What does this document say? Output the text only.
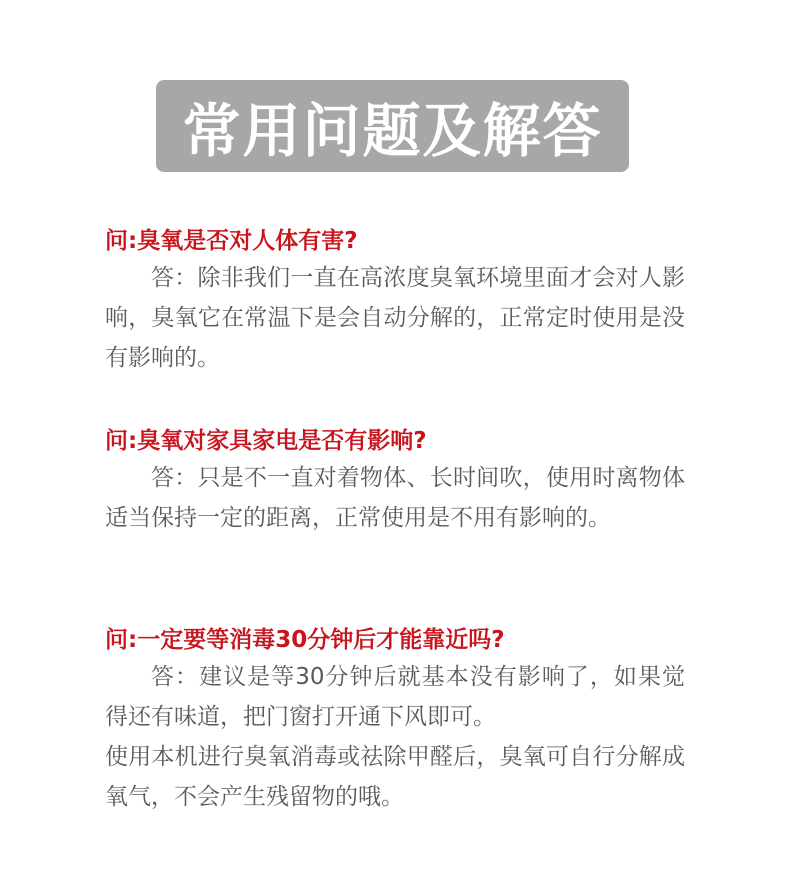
常用问题及解答
问:臭氧是否对人体有害?
答：除非我们一直在高浓度臭氧环境里面才会对人影响，臭氧它在常温下是会自动分解的，正常定时使用是没有影响的。
问:臭氧对家具家电是否有影响?
答：只是不一直对着物体、长时间吹，使用时离物体适当保持一定的距离，正常使用是不用有影响的。
问:一定要等消毒30分钟后才能靠近吗?
答：建议是等30分钟后就基本没有影响了，如果觉得还有味道，把门窗打开通下风即可。
使用本机进行臭氧消毒或祛除甲醛后，臭氧可自行分解成氧气，不会产生残留物的哦。
